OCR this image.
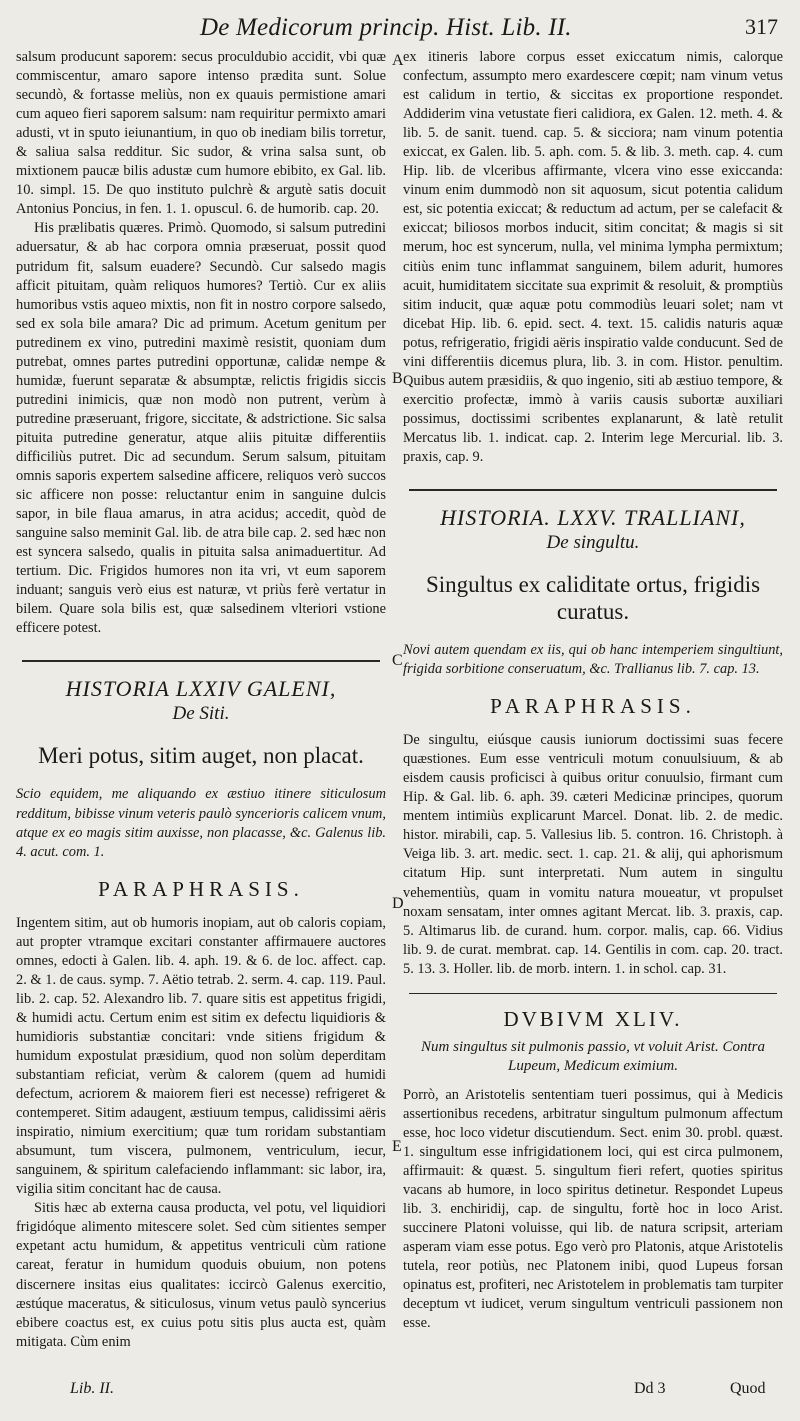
De Medicorum princip. Hist. Lib. II.	317
A
B
C
D
E

salsum producunt saporem: secus proculdubio accidit, vbi quæ commiscentur, amaro sapore intenso prædita sunt. Solue secundò, & fortasse meliùs, non ex quauis permistione amari cum aqueo fieri saporem salsum: nam requiritur permixto amari adusti, vt in sputo ieiunantium, in quo ob inediam bilis torretur, & saliua salsa redditur. Sic sudor, & vrina salsa sunt, ob mixtionem paucæ bilis adustæ cum humore ebibito, ex Gal. lib. 10. simpl. 15. De quo instituto pulchrè & argutè satis docuit Antonius Poncius, in fen. 1. 1. opuscul. 6. de humorib. cap. 20.

His prælibatis quæres. Primò. Quomodo, si salsum putredini aduersatur, & ab hac corpora omnia præseruat, possit quod putridum fit, salsum euadere? Secundò. Cur salsedo magis afficit pituitam, quàm reliquos humores? Tertiò. Cur ex aliis humoribus vstis aqueo mixtis, non fit in nostro corpore salsedo, sed ex sola bile amara? Dic ad primum. Acetum genitum per putredinem ex vino, putredini maximè resistit, quoniam dum putrebat, omnes partes putredini opportunæ, calidæ nempe & humidæ, fuerunt separatæ & absumptæ, relictis frigidis siccis putredini inimicis, quæ non modò non putrent, verùm à putredine præseruant, frigore, siccitate, & adstrictione. Sic salsa pituita putredine generatur, atque aliis pituitæ differentiis difficiliùs putret. Dic ad secundum. Serum salsum, pituitam omnis saporis expertem salsedine afficere, reliquos verò succos sic afficere non posse: reluctantur enim in sanguine dulcis sapor, in bile flaua amarus, in atra acidus; accedit, quòd de sanguine salso meminit Gal. lib. de atra bile cap. 2. sed hæc non est syncera salsedo, qualis in pituita salsa animaduertitur. Ad tertium. Dic. Frigidos humores non ita vri, vt eum saporem induant; sanguis verò eius est naturæ, vt priùs ferè vertatur in bilem. Quare sola bilis est, quæ salsedinem vlteriori vstione efficere potest.

HISTORIA LXXIV GALENI,
De Siti.
Meri potus, sitim auget, non placat.

Scio equidem, me aliquando ex æstiuo itinere siticulosum redditum, bibisse vinum veteris paulò syncerioris calicem vnum, atque ex eo magis sitim auxisse, non placasse, &c. Galenus lib. 4. acut. com. 1.

PARAPHRASIS.

Ingentem sitim, aut ob humoris inopiam, aut ob caloris copiam, aut propter vtramque excitari constanter affirmauere auctores omnes, edocti à Galen. lib. 4. aph. 19. & 6. de loc. affect. cap. 2. & 1. de caus. symp. 7. Aëtio tetrab. 2. serm. 4. cap. 119. Paul. lib. 2. cap. 52. Alexandro lib. 7. quare sitis est appetitus frigidi, & humidi actu. Certum enim est sitim ex defectu liquidioris & humidioris substantiæ concitari: vnde sitiens frigidum & humidum expostulat præsidium, quod non solùm deperditam substantiam reficiat, verùm & calorem (quem ad humidi defectum, acriorem & maiorem fieri est necesse) refrigeret & contemperet. Sitim adaugent, æstiuum tempus, calidissimi aëris inspiratio, nimium exercitium; quæ tum roridam substantiam absumunt, tum viscera, pulmonem, ventriculum, iecur, sanguinem, & spiritum calefaciendo inflammant: sic labor, ira, vigilia sitim concitant hac de causa.

Sitis hæc ab externa causa producta, vel potu, vel liquidiori frigidóque alimento mitescere solet. Sed cùm sitientes semper expetant actu humidum, & appetitus ventriculi cùm ratione careat, feratur in humidum quoduis obuium, non potens discernere insitas eius qualitates: iccircò Galenus exercitio, æstúque maceratus, & siticulosus, vinum vetus paulò syncerius ebibere coactus est, ex cuius potu sitis plus aucta est, quàm mitigata. Cùm enim

ex itineris labore corpus esset exiccatum nimis, calorque confectum, assumpto mero exardescere cœpit; nam vinum vetus est calidum in tertio, & siccitas ex proportione respondet. Addiderim vina vetustate fieri calidiora, ex Galen. 12. meth. 4. & lib. 5. de sanit. tuend. cap. 5. & sicciora; nam vinum potentia exiccat, ex Galen. lib. 5. aph. com. 5. & lib. 3. meth. cap. 4. cum Hip. lib. de vlceribus affirmante, vlcera vino esse exiccanda: vinum enim dummodò non sit aquosum, sicut potentia calidum est, sic potentia exiccat; & reductum ad actum, per se calefacit & exiccat; biliosos morbos inducit, sitim concitat; & magis si sit merum, hoc est syncerum, nulla, vel minima lympha permixtum; citiùs enim tunc inflammat sanguinem, bilem adurit, humores acuit, humiditatem siccitate sua exprimit & resoluit, & promptiùs sitim inducit, quæ aquæ potu commodiùs leuari solet; nam vt dicebat Hip. lib. 6. epid. sect. 4. text. 15. calidis naturis aquæ potus, refrigeratio, frigidi aëris inspiratio valde conducunt. Sed de vini differentiis dicemus plura, lib. 3. in com. Histor. penultim. Quibus autem præsidiis, & quo ingenio, siti ab æstiuo tempore, & exercitio profectæ, immò à variis causis subortæ auxiliari possimus, doctissimi scribentes explanarunt, & latè retulit Mercatus lib. 1. indicat. cap. 2. Interim lege Mercurial. lib. 3. praxis, cap. 9.

HISTORIA. LXXV. TRALLIANI,
De singultu.
Singultus ex caliditate ortus, frigidis curatus.

Novi autem quendam ex iis, qui ob hanc intemperiem singultiunt, frigida sorbitione conseruatum, &c. Trallianus lib. 7. cap. 13.

PARAPHRASIS.

De singultu, eiúsque causis iuniorum doctissimi suas fecere quæstiones. Eum esse ventriculi motum conuulsiuum, & ab eisdem causis proficisci à quibus oritur conuulsio, firmant cum Hip. & Gal. lib. 6. aph. 39. cæteri Medicinæ principes, quorum mentem intimiùs explicarunt Marcel. Donat. lib. 2. de medic. histor. mirabili, cap. 5. Vallesius lib. 5. contron. 16. Christoph. à Veiga lib. 3. art. medic. sect. 1. cap. 21. & alij, qui aphorismum citatum Hip. sunt interpretati. Num autem in singultu vehementiùs, quam in vomitu natura moueatur, vt propulset noxam sensatam, inter omnes agitant Mercat. lib. 3. praxis, cap. 5. Altimarus lib. de curand. hum. corpor. malis, cap. 66. Vidius lib. 9. de curat. membrat. cap. 14. Gentilis in com. cap. 20. tract. 5. 13. 3. Holler. lib. de morb. intern. 1. in schol. cap. 31.

DVBIVM XLIV.
Num singultus sit pulmonis passio, vt voluit Arist. Contra Lupeum, Medicum eximium.

Porrò, an Aristotelis sententiam tueri possimus, qui à Medicis assertionibus recedens, arbitratur singultum pulmonum affectum esse, hoc loco videtur discutiendum. Sect. enim 30. probl. quæst. 1. singultum esse infrigidationem loci, qui est circa pulmonem, affirmauit: & quæst. 5. singultum fieri refert, quoties spiritus vacans ab humore, in loco spiritus detinetur. Respondet Lupeus lib. 3. enchiridij, cap. de singultu, fortè hoc in loco Arist. succinere Platoni voluisse, qui lib. de natura scripsit, arteriam asperam viam esse potus. Ego verò pro Platonis, atque Aristotelis tutela, reor potiùs, nec Platonem inibi, quod Lupeus forsan opinatus est, profiteri, nec Aristotelem in problematis tam turpiter deceptum vt iudicet, verum singultum ventriculi passionem non esse.

Lib. II.	Dd 3	Quod
